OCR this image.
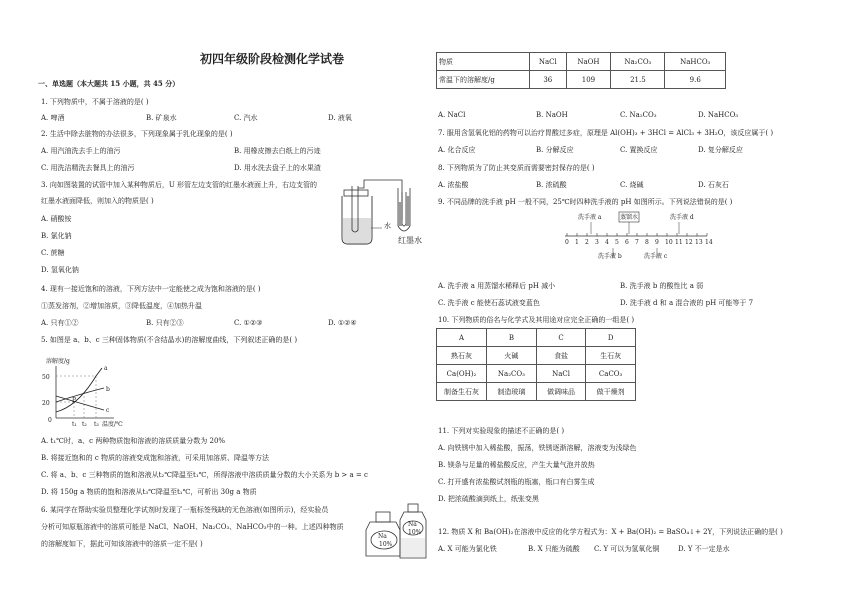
初四年级阶段检测化学试卷
一、单选题（本大题共 15 小题，共 45 分）
1. 下列物质中，不属于溶液的是( )
A. 啤酒	B. 矿泉水	C. 汽水	D. 液氧
2. 生活中除去脏物的办法很多，下列现象属于乳化现象的是( )
A. 用汽油洗去手上的油污	B. 用橡皮擦去白纸上的污迹
C. 用洗洁精洗去餐具上的油污	D. 用水洗去盘子上的水果渣
3. 向如图装置的试管中加入某种物质后，U 形管左边支管的红墨水液面上升，右边支管的
红墨水液面降低，则加入的物质是( )
A. 硝酸铵
B. 氯化钠
C. 蔗糖
D. 氢氧化钠
水
红墨水
4. 现有一接近饱和的溶液，下列方法中一定能使之成为饱和溶液的是( )
①蒸发溶剂，②增加溶质，③降低温度，④加热升温
A. 只有①②	B. 只有②③	C. ①②③	D. ①②④
5. 如图是 a、b、c 三种固体物质(不含结晶水)的溶解度曲线，下列叙述正确的是( )
溶解度/g
50
20
0
t₁ t₂ t₃ 温度/℃
a
b
c
P
A. t₁℃时，a、c 两种物质饱和溶液的溶质质量分数为 20%
B. 将接近饱和的 c 物质的溶液变成饱和溶液，可采用加溶质、降温等方法
C. 将 a、b、c 三种物质的饱和溶液从t₂℃降温至t₁℃，所得溶液中溶质质量分数的大小关系为 b > a = c
D. 将 150g a 物质的饱和溶液从t₃℃降温至t₁℃，可析出 30g a 物质
6. 某同学在帮助实验员整理化学试剂时发现了一瓶标签残缺的无色溶液(如图所示)，经实验员
分析可知原瓶溶液中的溶质可能是 NaCl、NaOH、Na₂CO₃、NaHCO₃中的一种。上述四种物质
的溶解度如下，据此可知该溶液中的溶质一定不是( )
Na
10%
Na
10%
物质	NaCl	NaOH	Na₂CO₃	NaHCO₃
常温下的溶解度/g	36	109	21.5	9.6
A. NaCl	B. NaOH	C. Na₂CO₃	D. NaHCO₃
7. 服用含氢氧化铝的药物可以治疗胃酸过多症，原理是 Al(OH)₃ + 3HCl = AlCl₃ + 3H₂O，该反应属于( )
A. 化合反应	B. 分解反应	C. 置换反应	D. 复分解反应
8. 下列物质为了防止其变质而需要密封保存的是( )
A. 浓盐酸	B. 浓硫酸	C. 烧碱	D. 石灰石
9. 不同品牌的洗手液 pH 一般不同，25℃时四种洗手液的 pH 如图所示。下列说法错误的是( )
洗手液 a	蒸馏水	洗手液 d
洗手液 b	洗手液 c
0 1 2 3 4 5 6 7 8 9 10 11 12 13 14
A. 洗手液 a 用蒸馏水稀释后 pH 减小	B. 洗手液 b 的酸性比 a 弱
C. 洗手液 c 能使石蕊试液变蓝色	D. 洗手液 d 和 a 混合液的 pH 可能等于 7
10. 下列物质的俗名与化学式及其用途对应完全正确的一组是( )
A	B	C	D
熟石灰	火碱	食盐	生石灰
Ca(OH)₂	Na₂CO₃	NaCl	CaCO₃
制备生石灰	制造玻璃	做调味品	做干燥剂
11. 下列对实验现象的描述不正确的是( )
A. 向铁锈中加入稀盐酸，振荡，铁锈逐渐溶解，溶液变为浅绿色
B. 镁条与足量的稀盐酸反应，产生大量气泡并放热
C. 打开盛有浓盐酸试剂瓶的瓶塞，瓶口有白雾生成
D. 把浓硫酸滴到纸上，纸张变黑
12. 物质 X 和 Ba(OH)₂在溶液中反应的化学方程式为：X + Ba(OH)₂ = BaSO₄↓+ 2Y，下列说法正确的是( )
A. X 可能为氯化铁	B. X 只能为硫酸 C. Y 可以为氢氧化铜	D. Y 不一定是水
